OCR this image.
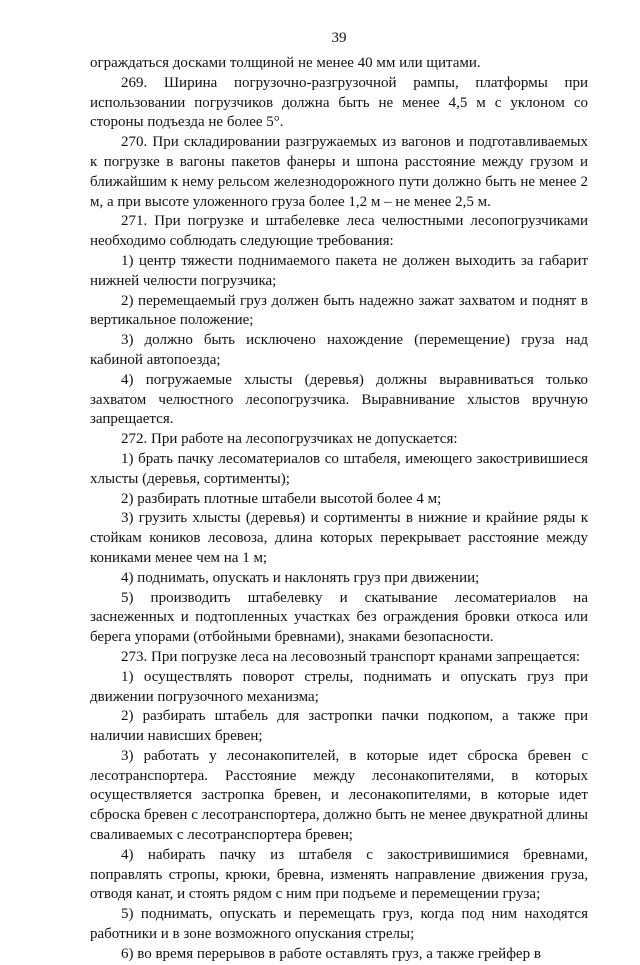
39

ограждаться досками толщиной не менее 40 мм или щитами.

269. Ширина погрузочно-разгрузочной рампы, платформы при использовании погрузчиков должна быть не менее 4,5 м с уклоном со стороны подъезда не более 5°.

270. При складировании разгружаемых из вагонов и подготавливаемых к погрузке в вагоны пакетов фанеры и шпона расстояние между грузом и ближайшим к нему рельсом железнодорожного пути должно быть не менее 2 м, а при высоте уложенного груза более 1,2 м – не менее 2,5 м.

271. При погрузке и штабелевке леса челюстными лесопогрузчиками необходимо соблюдать следующие требования:

1) центр тяжести поднимаемого пакета не должен выходить за габарит нижней челюсти погрузчика;

2) перемещаемый груз должен быть надежно зажат захватом и поднят в вертикальное положение;

3) должно быть исключено нахождение (перемещение) груза над кабиной автопоезда;

4) погружаемые хлысты (деревья) должны выравниваться только захватом челюстного лесопогрузчика. Выравнивание хлыстов вручную запрещается.

272. При работе на лесопогрузчиках не допускается:

1) брать пачку лесоматериалов со штабеля, имеющего закостривишиеся хлысты (деревья, сортименты);

2) разбирать плотные штабели высотой более 4 м;

3) грузить хлысты (деревья) и сортименты в нижние и крайние ряды к стойкам коников лесовоза, длина которых перекрывает расстояние между кониками менее чем на 1 м;

4) поднимать, опускать и наклонять груз при движении;

5) производить штабелевку и скатывание лесоматериалов на заснеженных и подтопленных участках без ограждения бровки откоса или берега упорами (отбойными бревнами), знаками безопасности.

273. При погрузке леса на лесовозный транспорт кранами запрещается:

1) осуществлять поворот стрелы, поднимать и опускать груз при движении погрузочного механизма;

2) разбирать штабель для застропки пачки подкопом, а также при наличии нависших бревен;

3) работать у лесонакопителей, в которые идет сброска бревен с лесотранспортера. Расстояние между лесонакопителями, в которых осуществляется застропка бревен, и лесонакопителями, в которые идет сброска бревен с лесотранспортера, должно быть не менее двукратной длины сваливаемых с лесотранспортера бревен;

4) набирать пачку из штабеля с закостривишимися бревнами, поправлять стропы, крюки, бревна, изменять направление движения груза, отводя канат, и стоять рядом с ним при подъеме и перемещении груза;

5) поднимать, опускать и перемещать груз, когда под ним находятся работники и в зоне возможного опускания стрелы;

6) во время перерывов в работе оставлять груз, а также грейфер в
